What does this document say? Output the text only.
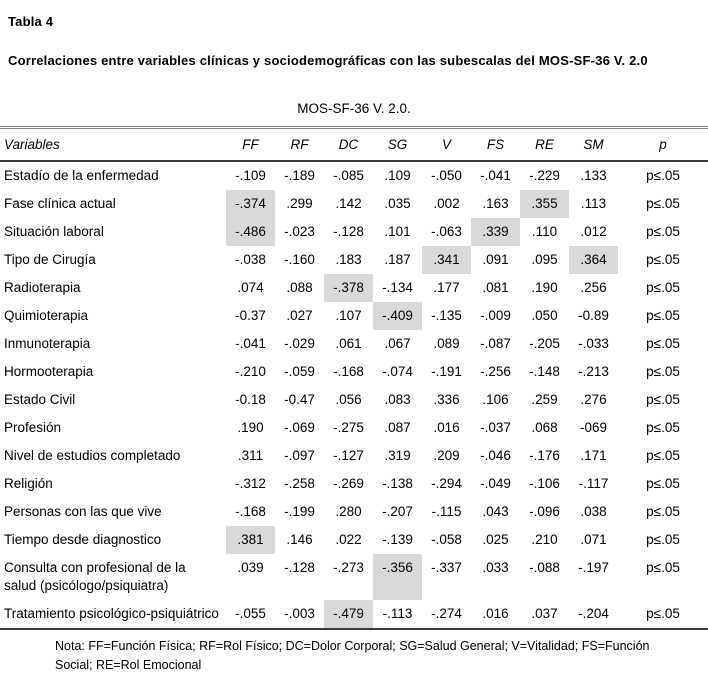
Tabla 4
Correlaciones entre variables clínicas y sociodemográficas con las subescalas del MOS-SF-36 V. 2.0
MOS-SF-36 V. 2.0.
Variables	FF	RF	DC	SG	V	FS	RE	SM	p
Estadío de la enfermedad	-.109	-.189	-.085	.109	-.050	-.041	-.229	.133	p≤.05
Fase clínica actual	-.374	.299	.142	.035	.002	.163	.355	.113	p≤.05
Situación laboral	-.486	-.023	-.128	.101	-.063	.339	.110	.012	p≤.05
Tipo de Cirugía	-.038	-.160	.183	.187	.341	.091	.095	.364	p≤.05
Radioterapia	.074	.088	-.378	-.134	.177	.081	.190	.256	p≤.05
Quimioterapia	-0.37	.027	.107	-.409	-.135	-.009	.050	-0.89	p≤.05
Inmunoterapia	-.041	-.029	.061	.067	.089	-.087	-.205	-.033	p≤.05
Hormooterapia	-.210	-.059	-.168	-.074	-.191	-.256	-.148	-.213	p≤.05
Estado Civil	-0.18	-0.47	.056	.083	.336	.106	.259	.276	p≤.05
Profesión	.190	-.069	-.275	.087	.016	-.037	.068	-069	p≤.05
Nivel de estudios completado	.311	-.097	-.127	.319	.209	-.046	-.176	.171	p≤.05
Religión	-.312	-.258	-.269	-.138	-.294	-.049	-.106	-.117	p≤.05
Personas con las que vive	-.168	-.199	.280	-.207	-.115	.043	-.096	.038	p≤.05
Tiempo desde diagnostico	.381	.146	.022	-.139	-.058	.025	.210	.071	p≤.05
Consulta con profesional de la salud (psicólogo/psiquiatra)	.039	-.128	-.273	-.356	-.337	.033	-.088	-.197	p≤.05
Tratamiento psicológico-psiquiátrico	-.055	-.003	-.479	-.113	-.274	.016	.037	-.204	p≤.05
Nota: FF=Función Física; RF=Rol Físico; DC=Dolor Corporal; SG=Salud General; V=Vitalidad; FS=Función
Social; RE=Rol Emocional
